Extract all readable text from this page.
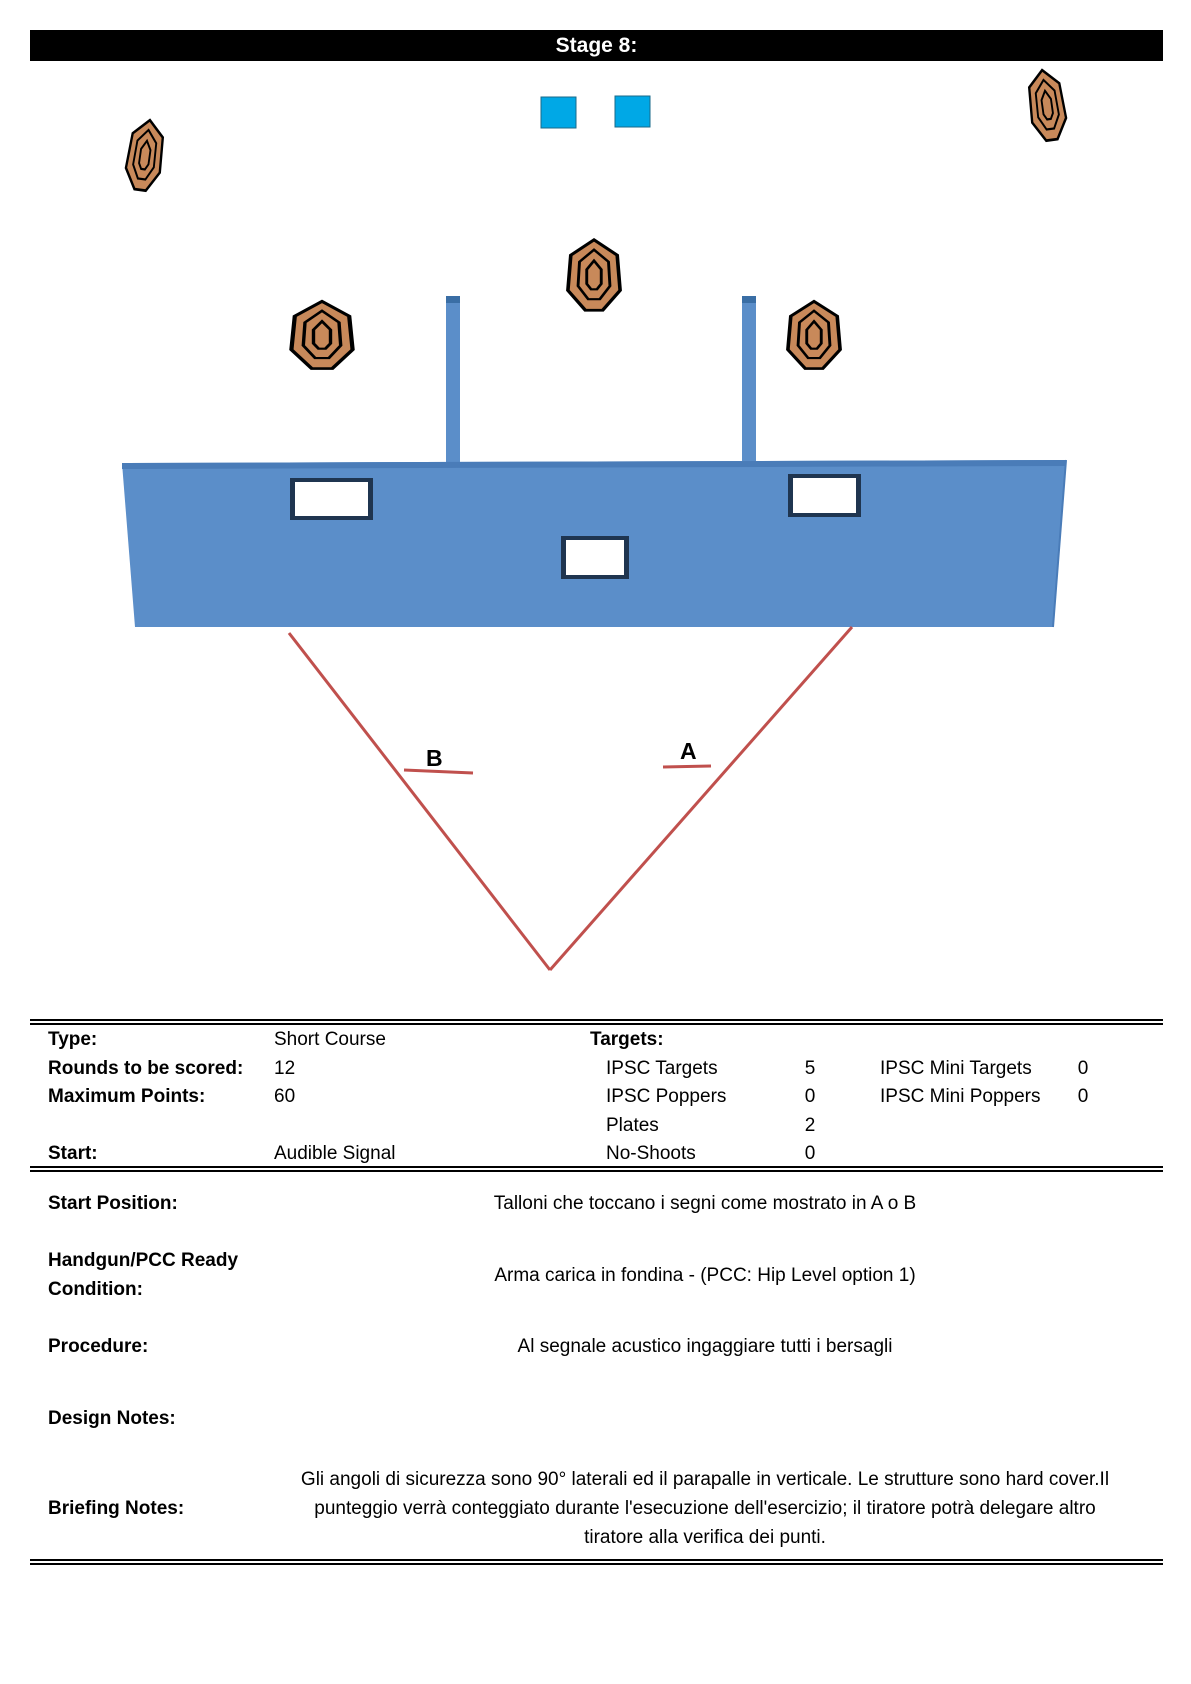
Stage 8:
B	A
Type:	Short Course	Targets:
Rounds to be scored: 12	IPSC Targets	5	IPSC Mini Targets	0
Maximum Points:	60	IPSC Poppers	0	IPSC Mini Poppers	0
Plates	2
Start:	Audible Signal	No-Shoots	0
Start Position:	Talloni che toccano i segni come mostrato in A o B
Handgun/PCC Ready
Condition:
Arma carica in fondina - (PCC: Hip Level option 1)
Procedure:	Al segnale acustico ingaggiare tutti i bersagli
Design Notes:
Briefing Notes:
Gli angoli di sicurezza sono 90° laterali ed il parapalle in verticale. Le strutture sono hard cover.Il
punteggio verrà conteggiato durante l'esecuzione dell'esercizio; il tiratore potrà delegare altro
tiratore alla verifica dei punti.
